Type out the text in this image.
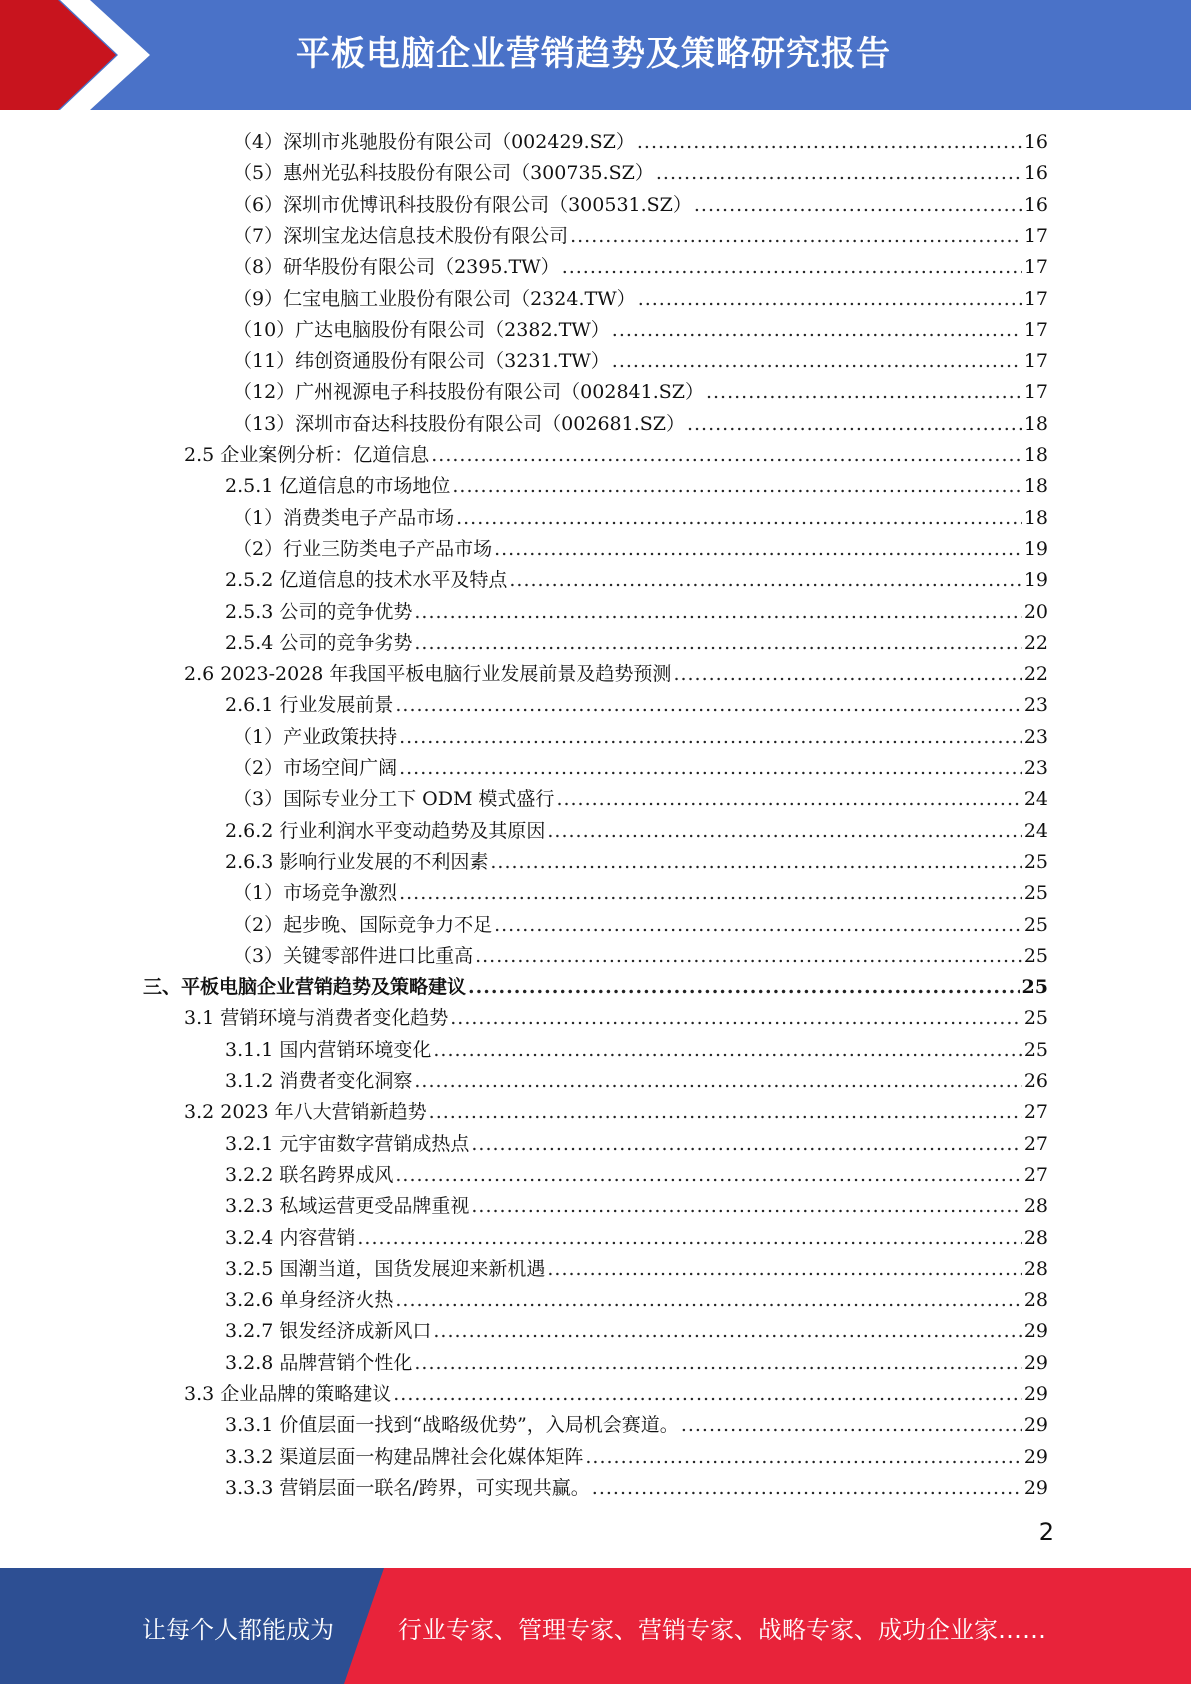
平板电脑企业营销趋势及策略研究报告
（4）深圳市兆驰股份有限公司（002429.SZ） .....	16
（5）惠州光弘科技股份有限公司（300735.SZ） .....	16
（6）深圳市优博讯科技股份有限公司（300531.SZ） .....	16
（7）深圳宝龙达信息技术股份有限公司 .....	17
（8）研华股份有限公司（2395.TW） .....	17
（9）仁宝电脑工业股份有限公司（2324.TW） .....	17
（10）广达电脑股份有限公司（2382.TW） .....	17
（11）纬创资通股份有限公司（3231.TW） .....	17
（12）广州视源电子科技股份有限公司（002841.SZ） .....	17
（13）深圳市奋达科技股份有限公司（002681.SZ） .....	18
2.5 企业案例分析：亿道信息 .....	18
2.5.1 亿道信息的市场地位 .....	18
（1）消费类电子产品市场 .....	18
（2）行业三防类电子产品市场 .....	19
2.5.2 亿道信息的技术水平及特点 .....	19
2.5.3 公司的竞争优势 .....	20
2.5.4 公司的竞争劣势 .....	22
2.6 2023-2028 年我国平板电脑行业发展前景及趋势预测 .....	22
2.6.1 行业发展前景 .....	23
（1）产业政策扶持 .....	23
（2）市场空间广阔 .....	23
（3）国际专业分工下 ODM 模式盛行 .....	24
2.6.2 行业利润水平变动趋势及其原因 .....	24
2.6.3 影响行业发展的不利因素 .....	25
（1）市场竞争激烈 .....	25
（2）起步晚、国际竞争力不足 .....	25
（3）关键零部件进口比重高 .....	25
三、平板电脑企业营销趋势及策略建议 .....	25
3.1 营销环境与消费者变化趋势 .....	25
3.1.1 国内营销环境变化 .....	25
3.1.2 消费者变化洞察 .....	26
3.2 2023 年八大营销新趋势 .....	27
3.2.1 元宇宙数字营销成热点 .....	27
3.2.2 联名跨界成风 .....	27
3.2.3 私域运营更受品牌重视 .....	28
3.2.4 内容营销 .....	28
3.2.5 国潮当道，国货发展迎来新机遇 .....	28
3.2.6 单身经济火热 .....	28
3.2.7 银发经济成新风口 .....	29
3.2.8 品牌营销个性化 .....	29
3.3 企业品牌的策略建议 .....	29
3.3.1 价值层面一找到“战略级优势”，入局机会赛道。 .....	29
3.3.2 渠道层面一构建品牌社会化媒体矩阵 .....	29
3.3.3 营销层面一联名/跨界，可实现共赢。 .....	29
2
让每个人都能成为	行业专家、管理专家、营销专家、战略专家、成功企业家……
